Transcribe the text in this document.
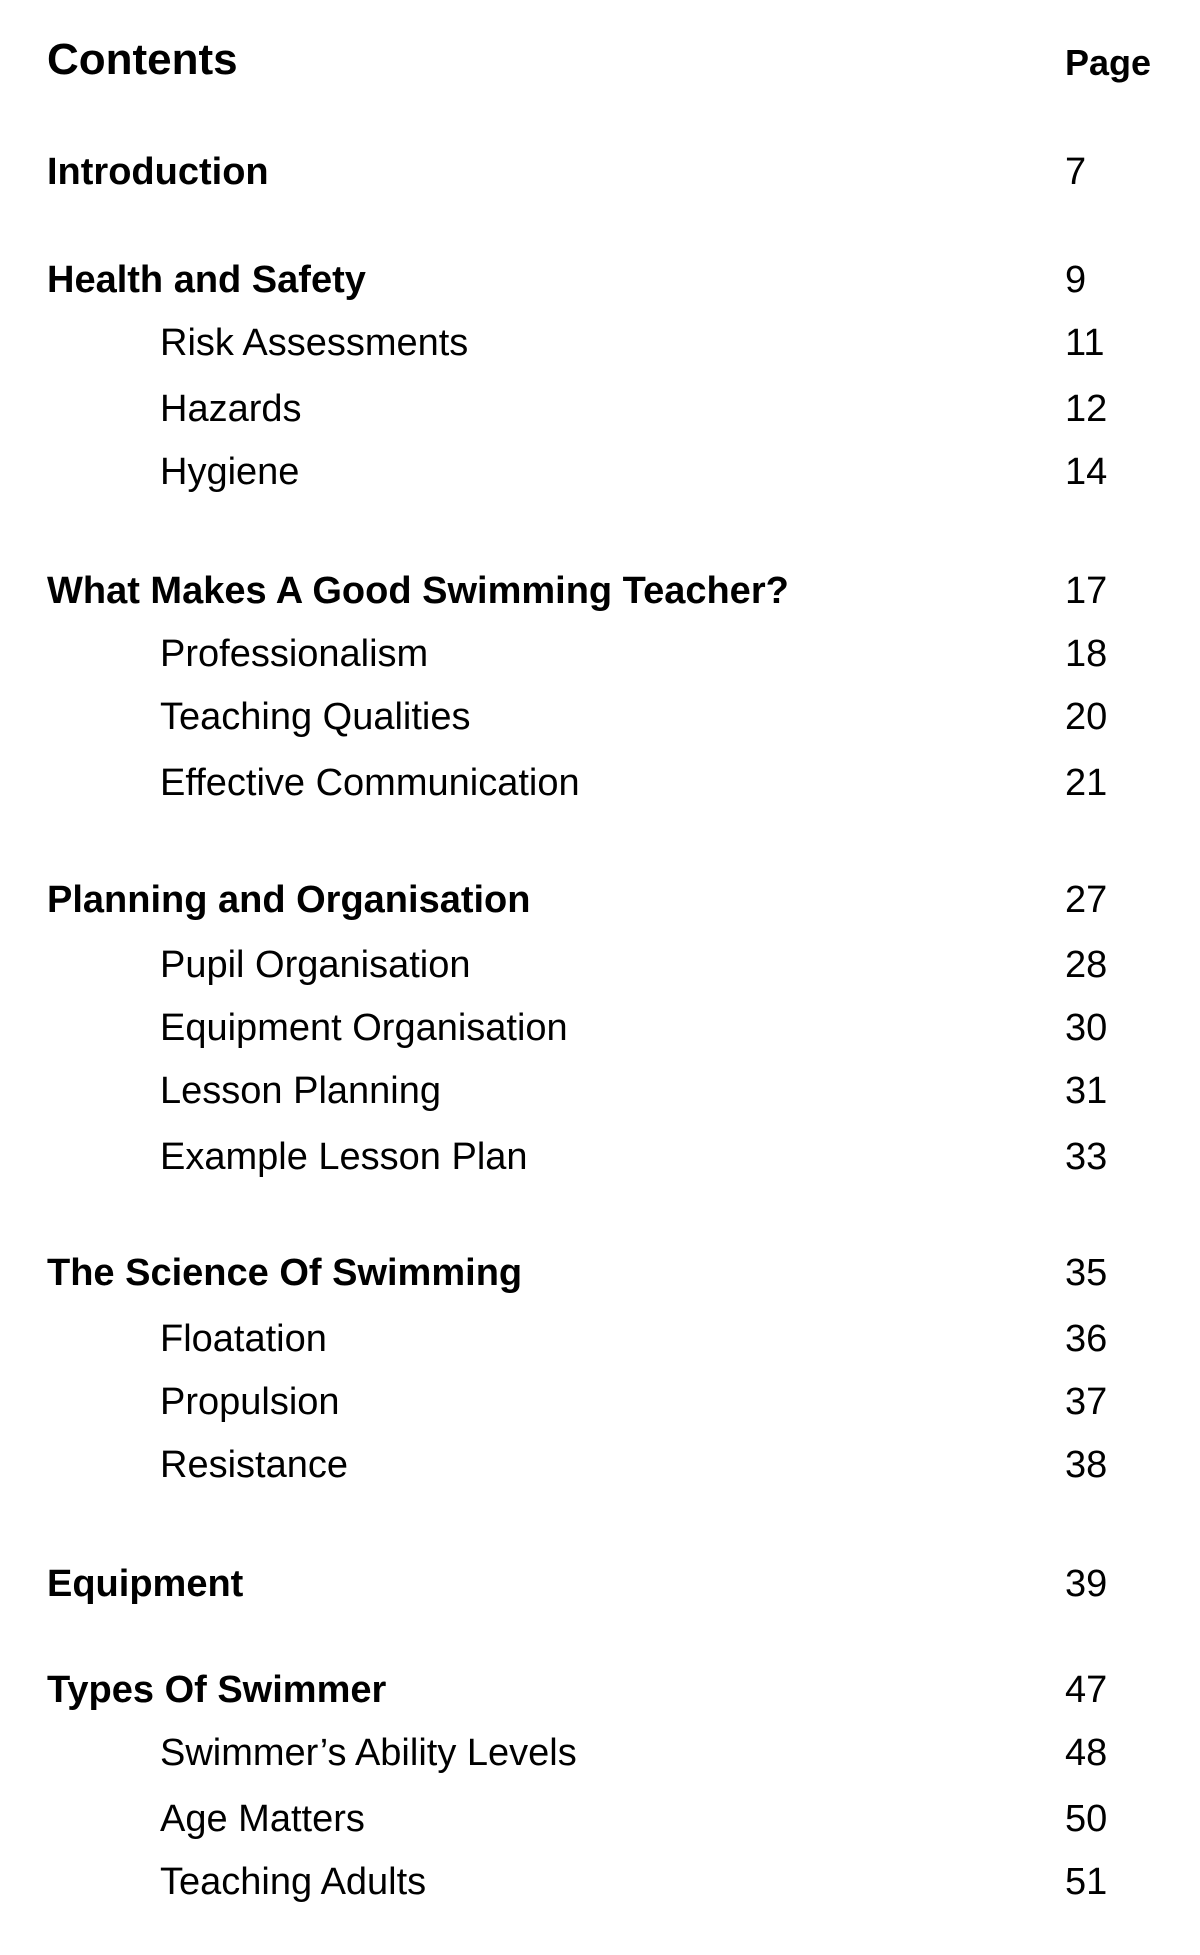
Contents	Page
Introduction	7
Health and Safety	9
Risk Assessments	11
Hazards	12
Hygiene	14
What Makes A Good Swimming Teacher?	17
Professionalism	18
Teaching Qualities	20
Effective Communication	21
Planning and Organisation	27
Pupil Organisation	28
Equipment Organisation	30
Lesson Planning	31
Example Lesson Plan	33
The Science Of Swimming	35
Floatation	36
Propulsion	37
Resistance	38
Equipment	39
Types Of Swimmer	47
Swimmer’s Ability Levels	48
Age Matters	50
Teaching Adults	51
